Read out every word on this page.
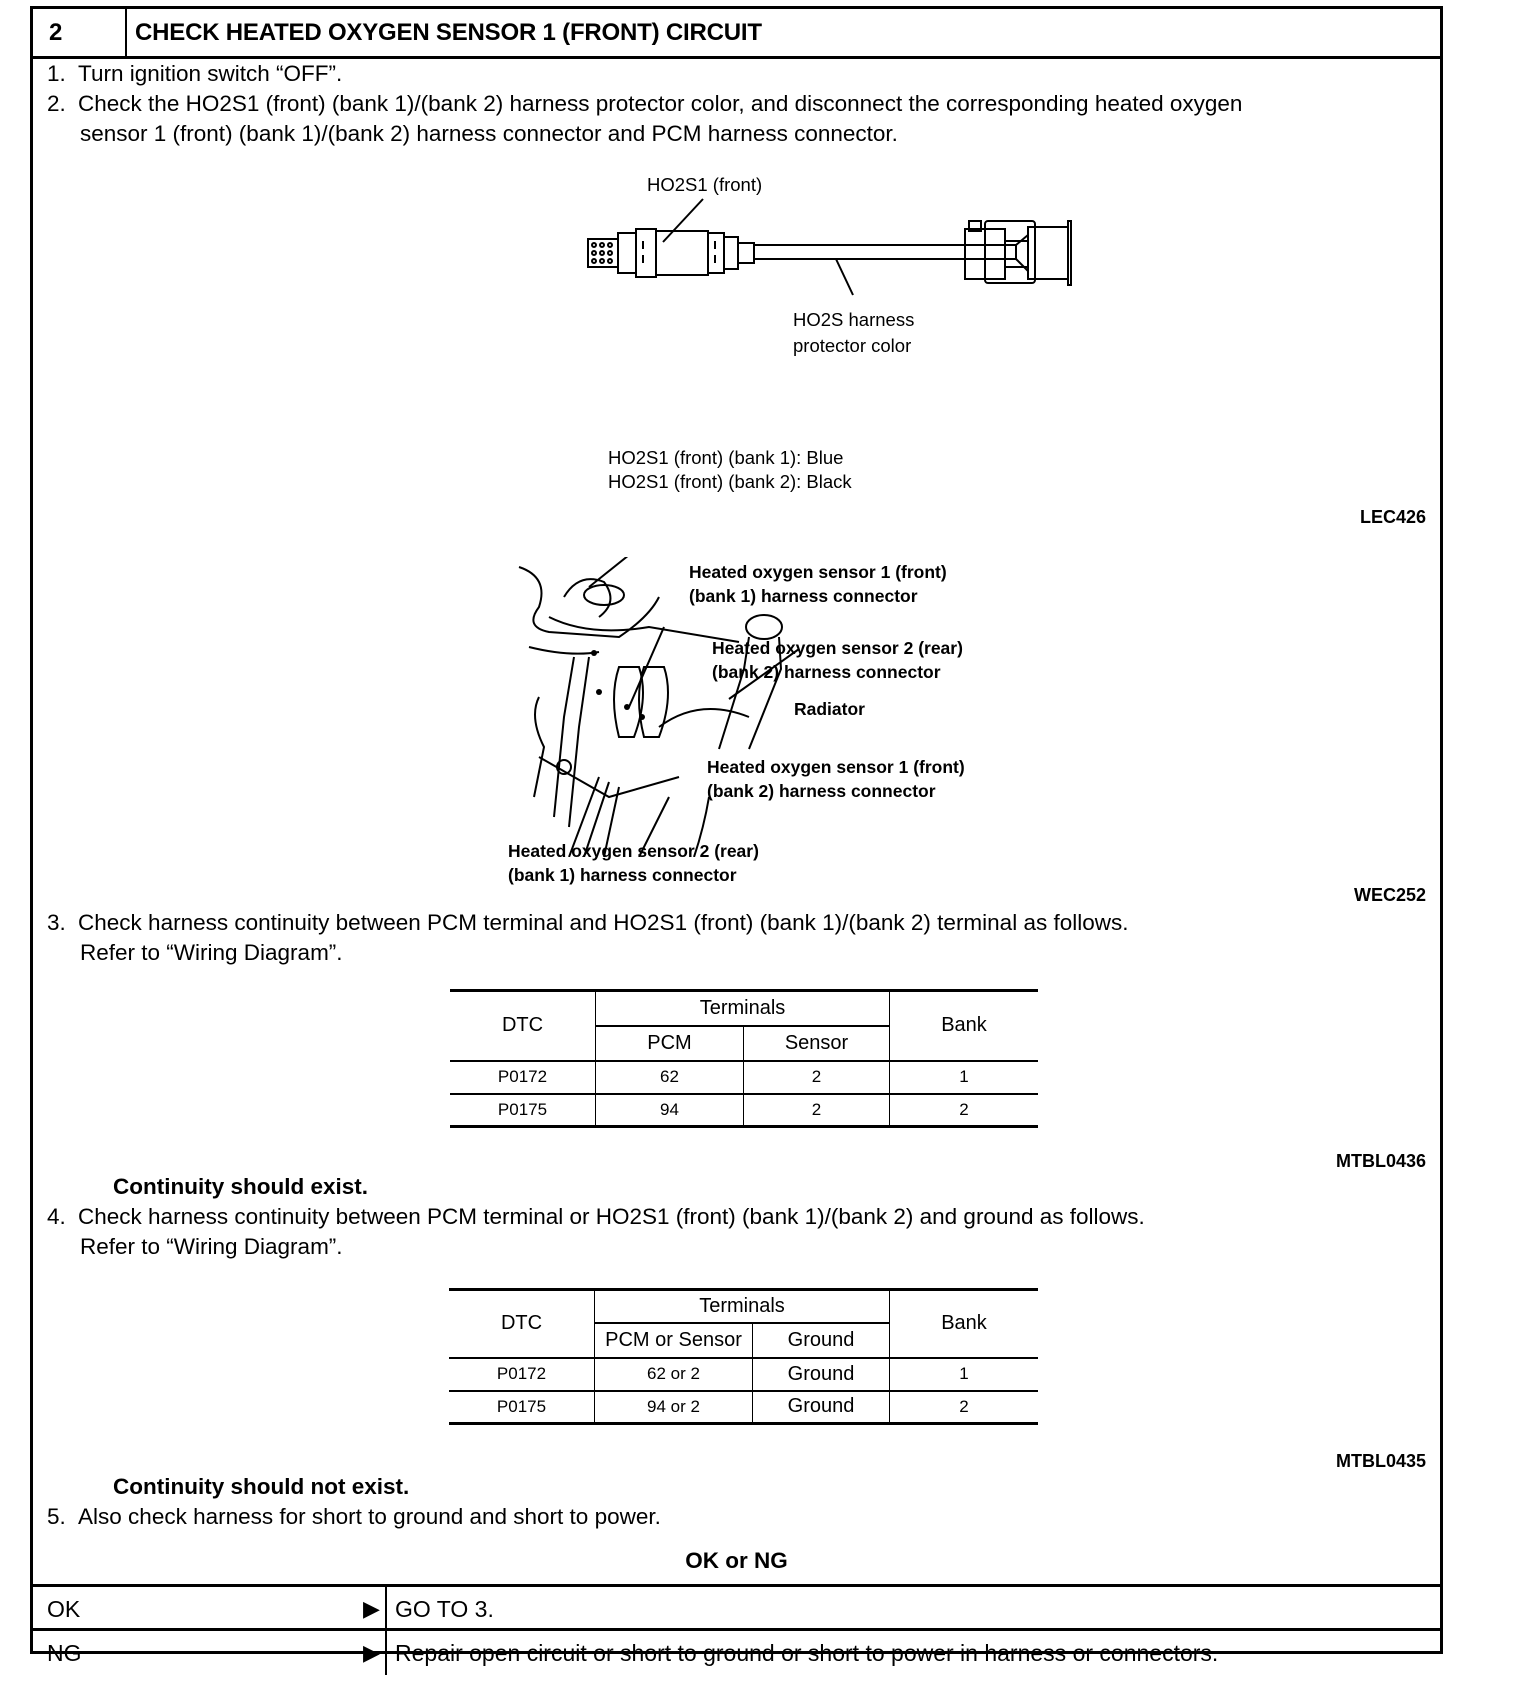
2	CHECK HEATED OXYGEN SENSOR 1 (FRONT) CIRCUIT
1. Turn ignition switch “OFF”.
2. Check the HO2S1 (front) (bank 1)/(bank 2) harness protector color, and disconnect the corresponding heated oxygen
sensor 1 (front) (bank 1)/(bank 2) harness connector and PCM harness connector.
HO2S1 (front)
HO2S harness
protector color
HO2S1 (front) (bank 1): Blue
HO2S1 (front) (bank 2): Black
LEC426
Heated oxygen sensor 1 (front)
(bank 1) harness connector
Heated oxygen sensor 2 (rear)
(bank 2) harness connector
Radiator
Heated oxygen sensor 1 (front)
(bank 2) harness connector
Heated oxygen sensor 2 (rear)
(bank 1) harness connector
WEC252
3. Check harness continuity between PCM terminal and HO2S1 (front) (bank 1)/(bank 2) terminal as follows.
Refer to “Wiring Diagram”.
DTC	Terminals		Bank
	PCM	Sensor	
P0172	62	2	1
P0175	94	2	2
MTBL0436
Continuity should exist.
4. Check harness continuity between PCM terminal or HO2S1 (front) (bank 1)/(bank 2) and ground as follows.
Refer to “Wiring Diagram”.
DTC	Terminals		Bank
	PCM or Sensor	Ground	
P0172	62 or 2	Ground	1
P0175	94 or 2	Ground	2
MTBL0435
Continuity should not exist.
5. Also check harness for short to ground and short to power.
OK or NG
OK	▶ GO TO 3.
NG	▶ Repair open circuit or short to ground or short to power in harness or connectors.
